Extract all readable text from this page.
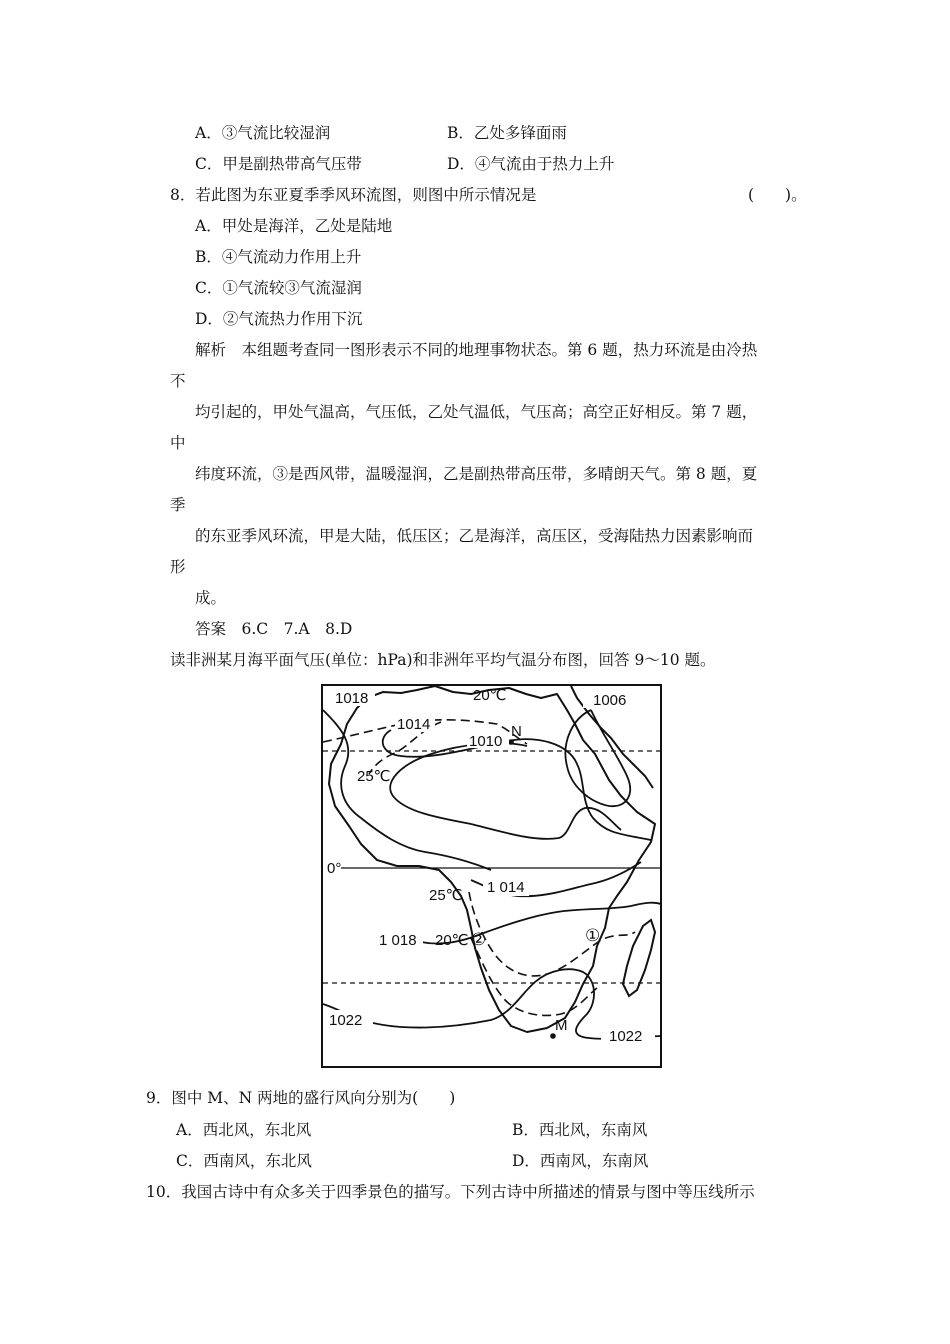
A．③气流比较湿润	B．乙处多锋面雨
C．甲是副热带高气压带	D．④气流由于热力上升
8．若此图为东亚夏季季风环流图，则图中所示情况是	(　　)。
A．甲处是海洋，乙处是陆地
B．④气流动力作用上升
C．①气流较③气流湿润
D．②气流热力作用下沉
解析　本组题考查同一图形表示不同的地理事物状态。第 6 题，热力环流是由冷热
不
均引起的，甲处气温高，气压低，乙处气温低，气压高；高空正好相反。第 7 题，
中
纬度环流，③是西风带，温暖湿润，乙是副热带高压带，多晴朗天气。第 8 题，夏
季
的东亚季风环流，甲是大陆，低压区；乙是海洋，高压区，受海陆热力因素影响而
形
成。
答案　6.C　7.A　8.D
读非洲某月海平面气压(单位：hPa)和非洲年平均气温分布图，回答 9～10 题。
1018
1014
20℃	1006
1010
N
25℃
0°
25℃ 1 014
①
1 018 20℃ ②
1022	M
1022
9．图中 M、N 两地的盛行风向分别为(　　)
A．西北风，东北风	B．西北风，东南风
C．西南风，东北风	D．西南风，东南风
10．我国古诗中有众多关于四季景色的描写。下列古诗中所描述的情景与图中等压线所示
